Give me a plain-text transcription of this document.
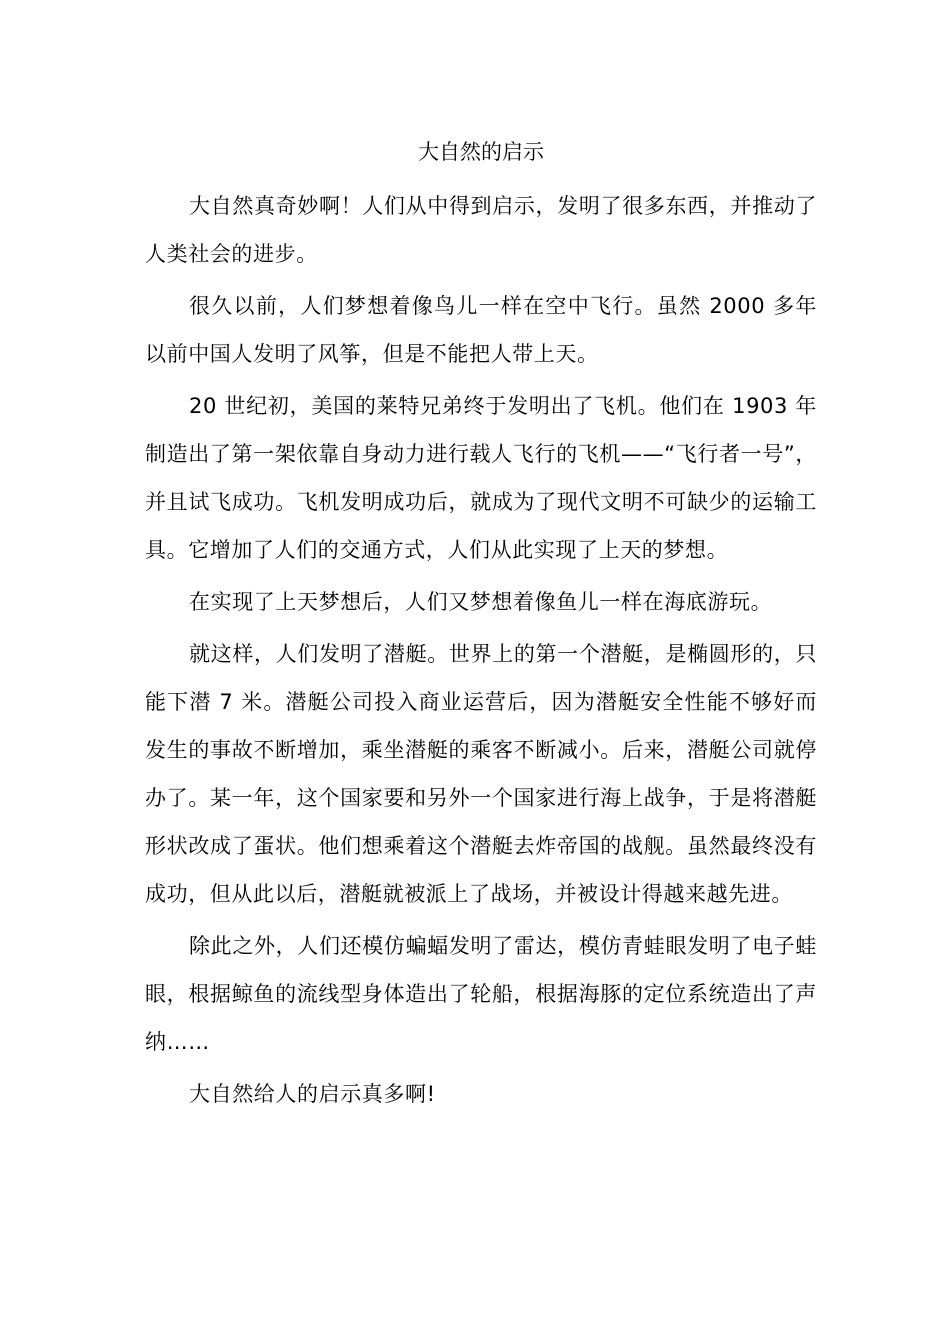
大自然的启示

大自然真奇妙啊！人们从中得到启示，发明了很多东西，并推动了人类社会的进步。

很久以前，人们梦想着像鸟儿一样在空中飞行。虽然 2000 多年以前中国人发明了风筝，但是不能把人带上天。

20 世纪初，美国的莱特兄弟终于发明出了飞机。他们在 1903 年制造出了第一架依靠自身动力进行载人飞行的飞机——“飞行者一号”，并且试飞成功。飞机发明成功后，就成为了现代文明不可缺少的运输工具。它增加了人们的交通方式，人们从此实现了上天的梦想。

在实现了上天梦想后，人们又梦想着像鱼儿一样在海底游玩。

就这样，人们发明了潜艇。世界上的第一个潜艇，是椭圆形的，只能下潜 7 米。潜艇公司投入商业运营后，因为潜艇安全性能不够好而发生的事故不断增加，乘坐潜艇的乘客不断减小。后来，潜艇公司就停办了。某一年，这个国家要和另外一个国家进行海上战争，于是将潜艇形状改成了蛋状。他们想乘着这个潜艇去炸帝国的战舰。虽然最终没有成功，但从此以后，潜艇就被派上了战场，并被设计得越来越先进。

除此之外，人们还模仿蝙蝠发明了雷达，模仿青蛙眼发明了电子蛙眼，根据鲸鱼的流线型身体造出了轮船，根据海豚的定位系统造出了声纳……

大自然给人的启示真多啊!
